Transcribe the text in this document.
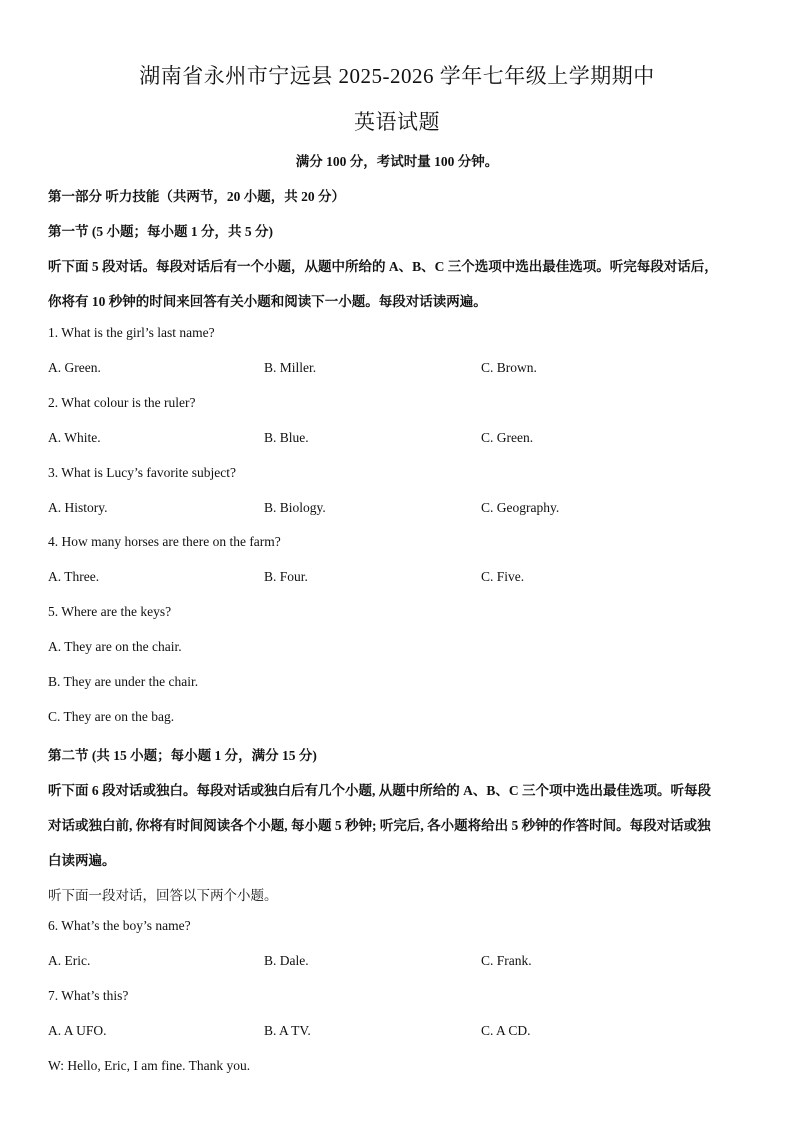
湖南省永州市宁远县 2025-2026 学年七年级上学期期中
英语试题
满分 100 分，考试时量 100 分钟。
第一部分 听力技能（共两节，20 小题，共 20 分）
第一节 (5 小题；每小题 1 分，共 5 分)
听下面 5 段对话。每段对话后有一个小题，从题中所给的 A、B、C 三个选项中选出最佳选项。听完每段对话后，
你将有 10 秒钟的时间来回答有关小题和阅读下一小题。每段对话读两遍。
1. What is the girl’s last name?
A. Green.	B. Miller.	C. Brown.
2. What colour is the ruler?
A. White.	B. Blue.	C. Green.
3. What is Lucy’s favorite subject?
A. History.	B. Biology.	C. Geography.
4. How many horses are there on the farm?
A. Three.	B. Four.	C. Five.
5. Where are the keys?
A. They are on the chair.
B. They are under the chair.
C. They are on the bag.
第二节 (共 15 小题；每小题 1 分，满分 15 分)
听下面 6 段对话或独白。每段对话或独白后有几个小题, 从题中所给的 A、B、C 三个项中选出最佳选项。听每段
对话或独白前, 你将有时间阅读各个小题, 每小题 5 秒钟; 听完后, 各小题将给出 5 秒钟的作答时间。每段对话或独
白读两遍。
听下面一段对话，回答以下两个小题。
6. What’s the boy’s name?
A. Eric.	B. Dale.	C. Frank.
7. What’s this?
A. A UFO.	B. A TV.	C. A CD.
W: Hello, Eric, I am fine. Thank you.
